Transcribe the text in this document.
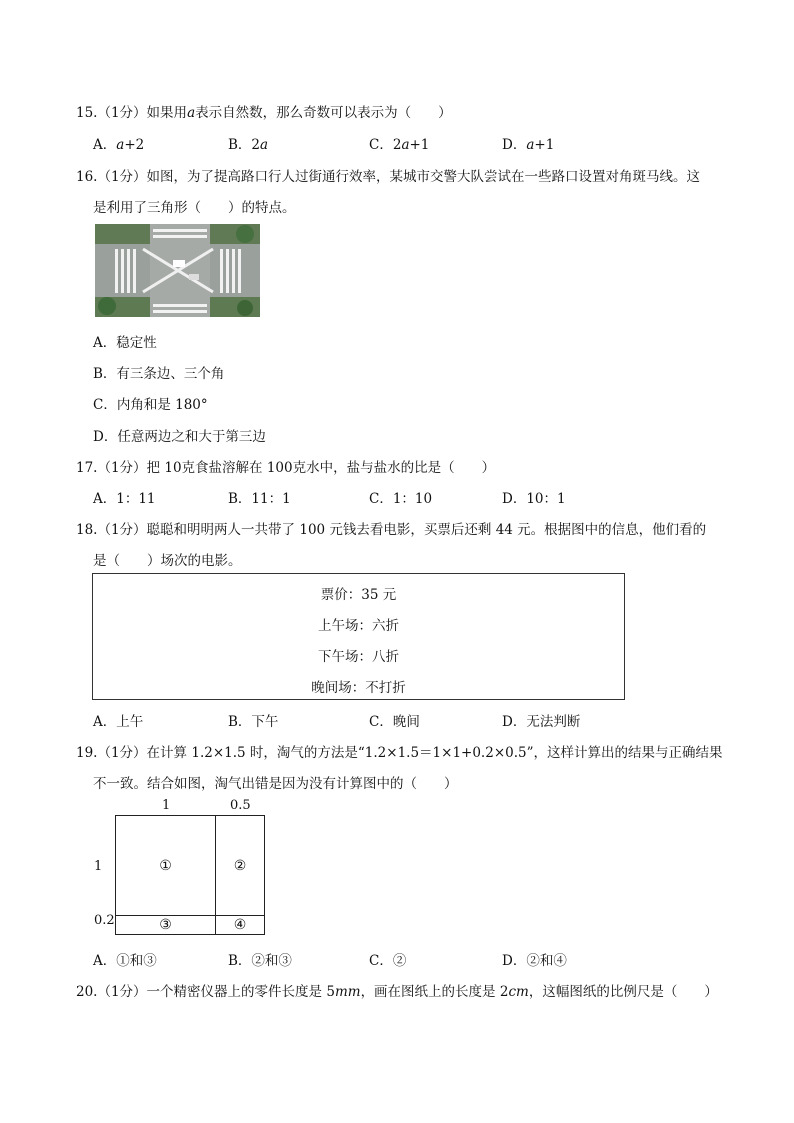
15.（1分）如果用a表示自然数，那么奇数可以表示为（　　）
A．a+2	B．2a	C．2a+1	D．a+1
16.（1分）如图，为了提高路口行人过街通行效率，某城市交警大队尝试在一些路口设置对角斑马线。这
是利用了三角形（　　）的特点。
A．稳定性
B．有三条边、三个角
C．内角和是 180°
D．任意两边之和大于第三边
17.（1分）把 10克食盐溶解在 100克水中，盐与盐水的比是（　　）
A．1：11	B．11：1	C．1：10	D．10：1
18.（1分）聪聪和明明两人一共带了 100 元钱去看电影，买票后还剩 44 元。根据图中的信息，他们看的
是（　　）场次的电影。
票价：35 元
上午场：六折
下午场：八折
晚间场：不打折
A．上午	B．下午	C．晚间	D．无法判断
19.（1分）在计算 1.2×1.5 时，淘气的方法是“1.2×1.5＝1×1+0.2×0.5”，这样计算出的结果与正确结果
不一致。结合如图，淘气出错是因为没有计算图中的（　　）
1	0.5
1
0.2
①	②
③	④
A．①和③	B．②和③	C．②	D．②和④
20.（1分）一个精密仪器上的零件长度是 5mm，画在图纸上的长度是 2cm，这幅图纸的比例尺是（　　）
